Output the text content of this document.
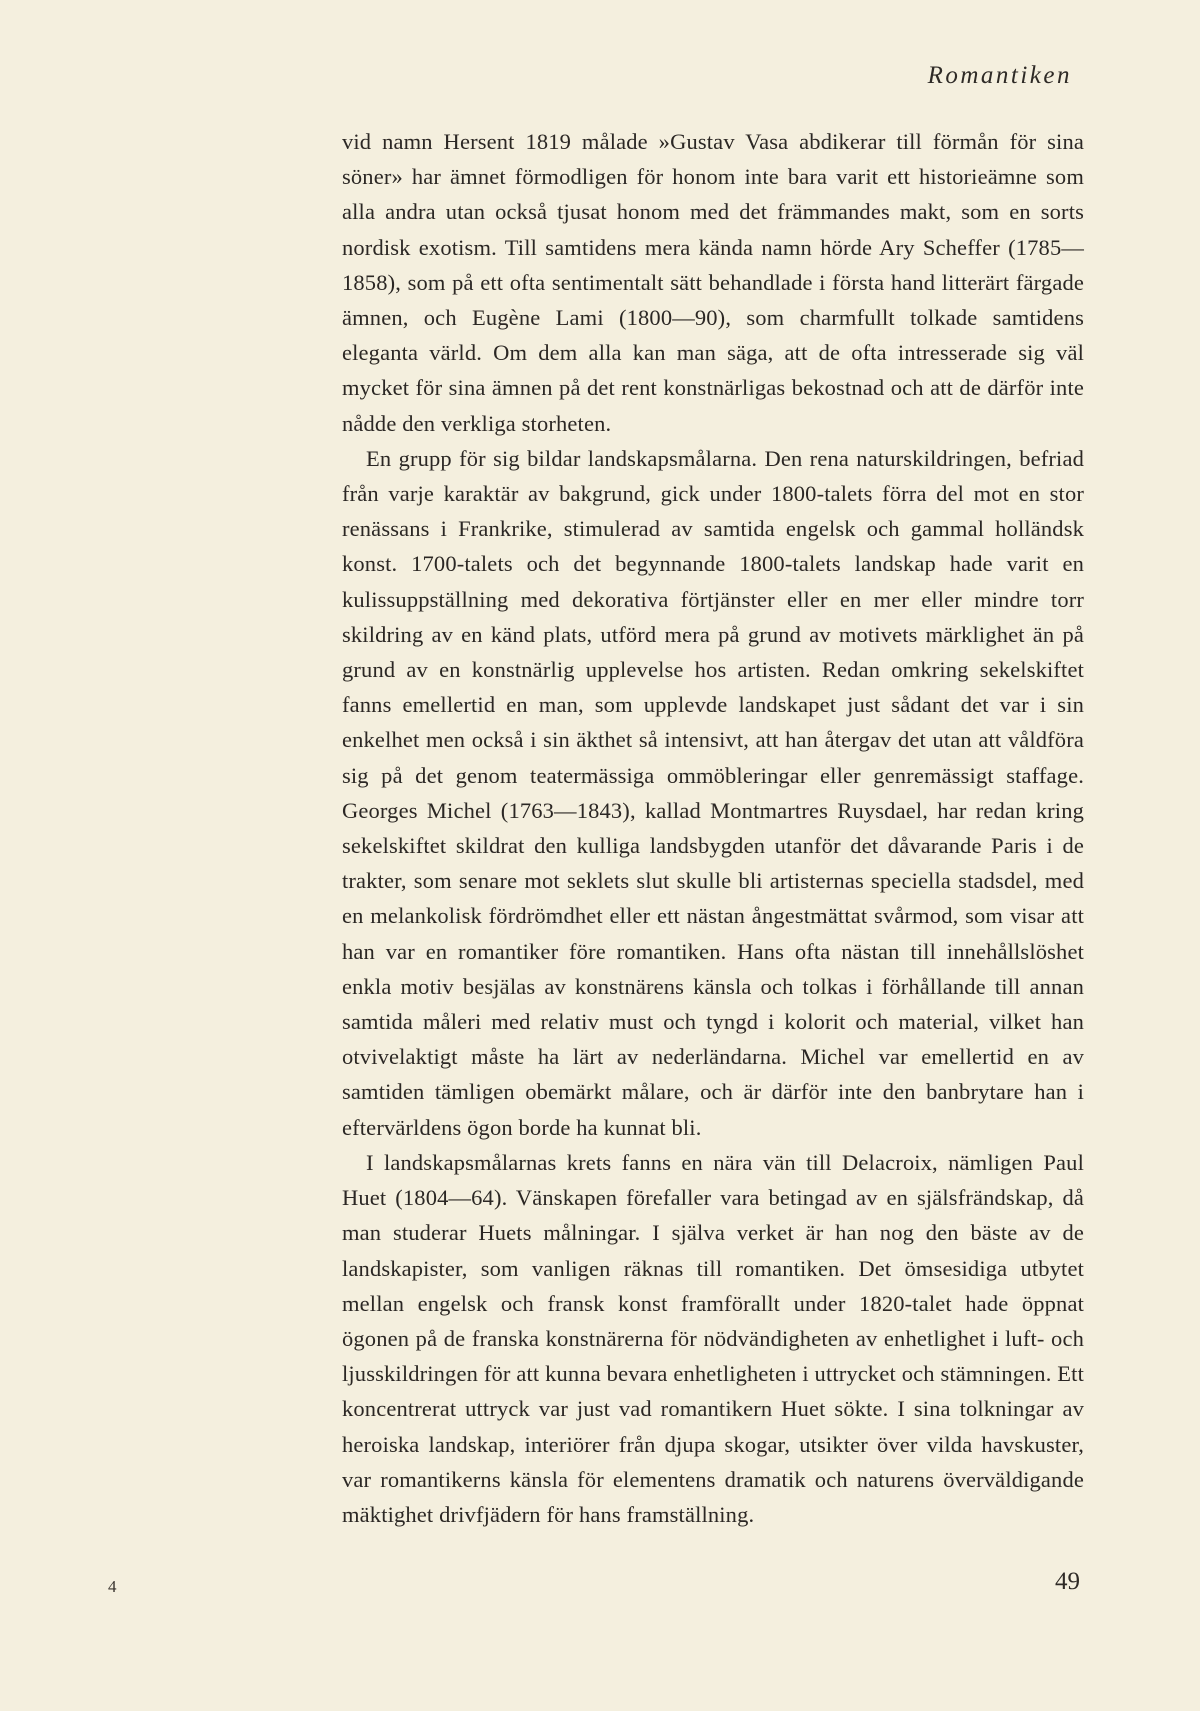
Romantiken

vid namn Hersent 1819 målade »Gustav Vasa abdikerar till förmån för sina söner» har ämnet förmodligen för honom inte bara varit ett historieämne som alla andra utan också tjusat honom med det främmandes makt, som en sorts nordisk exotism. Till samtidens mera kända namn hörde Ary Scheffer (1785—1858), som på ett ofta sentimentalt sätt behandlade i första hand litterärt färgade ämnen, och Eugène Lami (1800—90), som charmfullt tolkade samtidens eleganta värld. Om dem alla kan man säga, att de ofta intresserade sig väl mycket för sina ämnen på det rent konstnärligas bekostnad och att de därför inte nådde den verkliga storheten.

En grupp för sig bildar landskapsmålarna. Den rena naturskildringen, befriad från varje karaktär av bakgrund, gick under 1800-talets förra del mot en stor renässans i Frankrike, stimulerad av samtida engelsk och gammal holländsk konst. 1700-talets och det begynnande 1800-talets landskap hade varit en kulissuppställning med dekorativa förtjänster eller en mer eller mindre torr skildring av en känd plats, utförd mera på grund av motivets märklighet än på grund av en konstnärlig upplevelse hos artisten. Redan omkring sekelskiftet fanns emellertid en man, som upplevde landskapet just sådant det var i sin enkelhet men också i sin äkthet så intensivt, att han återgav det utan att våldföra sig på det genom teatermässiga ommöbleringar eller genremässigt staffage. Georges Michel (1763—1843), kallad Montmartres Ruysdael, har redan kring sekelskiftet skildrat den kulliga landsbygden utanför det dåvarande Paris i de trakter, som senare mot seklets slut skulle bli artisternas speciella stadsdel, med en melankolisk fördrömdhet eller ett nästan ångestmättat svårmod, som visar att han var en romantiker före romantiken. Hans ofta nästan till innehållslöshet enkla motiv besjälas av konstnärens känsla och tolkas i förhållande till annan samtida måleri med relativ must och tyngd i kolorit och material, vilket han otvivelaktigt måste ha lärt av nederländarna. Michel var emellertid en av samtiden tämligen obemärkt målare, och är därför inte den banbrytare han i eftervärldens ögon borde ha kunnat bli.

I landskapsmålarnas krets fanns en nära vän till Delacroix, nämligen Paul Huet (1804—64). Vänskapen förefaller vara betingad av en själsfrändskap, då man studerar Huets målningar. I själva verket är han nog den bäste av de landskapister, som vanligen räknas till romantiken. Det ömsesidiga utbytet mellan engelsk och fransk konst framförallt under 1820-talet hade öppnat ögonen på de franska konstnärerna för nödvändigheten av enhetlighet i luft- och ljusskildringen för att kunna bevara enhetligheten i uttrycket och stämningen. Ett koncentrerat uttryck var just vad romantikern Huet sökte. I sina tolkningar av heroiska landskap, interiörer från djupa skogar, utsikter över vilda havskuster, var romantikerns känsla för elementens dramatik och naturens överväldigande mäktighet drivfjädern för hans framställning.

4	49
